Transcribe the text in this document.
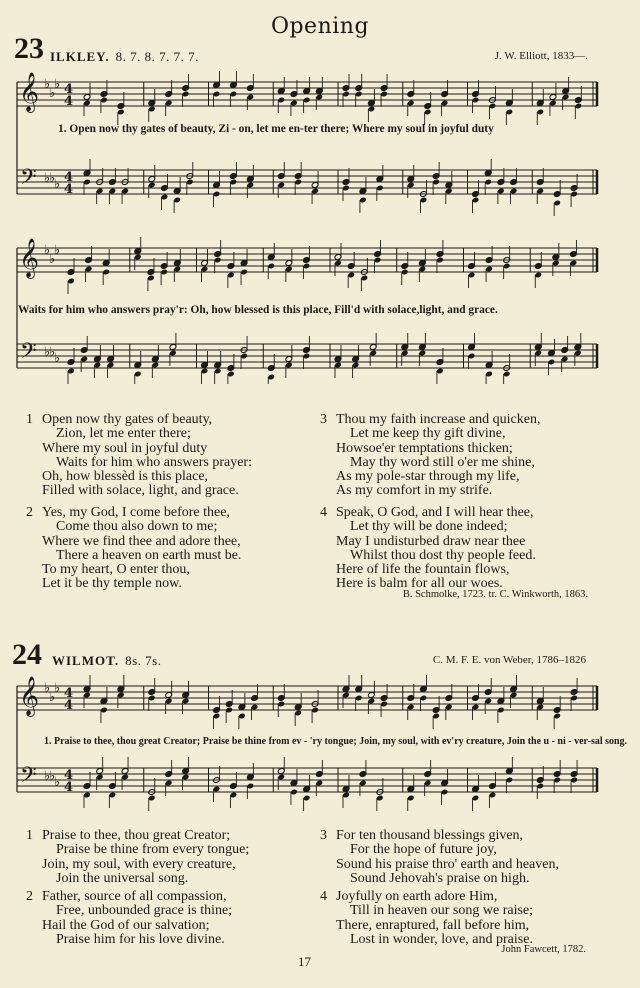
Opening
23 ILKLEY. 8. 7. 8. 7. 7. 7.	J. W. Elliott, 1833—.
𝄞
𝄢
♭
♭
♭
♭
♭
♭
4
4
4
4
1. Open now thy gates of beauty, Zi - on, let me en-ter there; Where my soul in joyful duty
𝄞
𝄢
♭
♭
♭
♭
♭
♭
Waits for him who answers pray'r: Oh, how blessed is this place, Fill'd with solace,light, and grace.
1 Open now thy gates of beauty,
Zion, let me enter there;
Where my soul in joyful duty
Waits for him who answers prayer:
Oh, how blessèd is this place,
Filled with solace, light, and grace.
2 Yes, my God, I come before thee,
Come thou also down to me;
Where we find thee and adore thee,
There a heaven on earth must be.
To my heart, O enter thou,
Let it be thy temple now.
3 Thou my faith increase and quicken,
Let me keep thy gift divine,
Howsoe'er temptations thicken;
May thy word still o'er me shine,
As my pole-star through my life,
As my comfort in my strife.
4 Speak, O God, and I will hear thee,
Let thy will be done indeed;
May I undisturbed draw near thee
Whilst thou dost thy people feed.
Here of life the fountain flows,
Here is balm for all our woes.
B. Schmolke, 1723. tr. C. Winkworth, 1863.
24 WILMOT. 8s. 7s.	C. M. F. E. von Weber, 1786–1826
𝄞
𝄢
♭
♭
♭
♭
♭
♭
4
4
4
4
1. Praise to thee, thou great Creator; Praise be thine from ev - 'ry tongue; Join, my soul, with ev'ry creature, Join the u - ni - ver-sal song.
1 Praise to thee, thou great Creator;
Praise be thine from every tongue;
Join, my soul, with every creature,
Join the universal song.
2 Father, source of all compassion,
Free, unbounded grace is thine;
Hail the God of our salvation;
Praise him for his love divine.
3 For ten thousand blessings given,
For the hope of future joy,
Sound his praise thro' earth and heaven,
Sound Jehovah's praise on high.
4 Joyfully on earth adore Him,
Till in heaven our song we raise;
There, enraptured, fall before him,
Lost in wonder, love, and praise.
John Fawcett, 1782.
17
